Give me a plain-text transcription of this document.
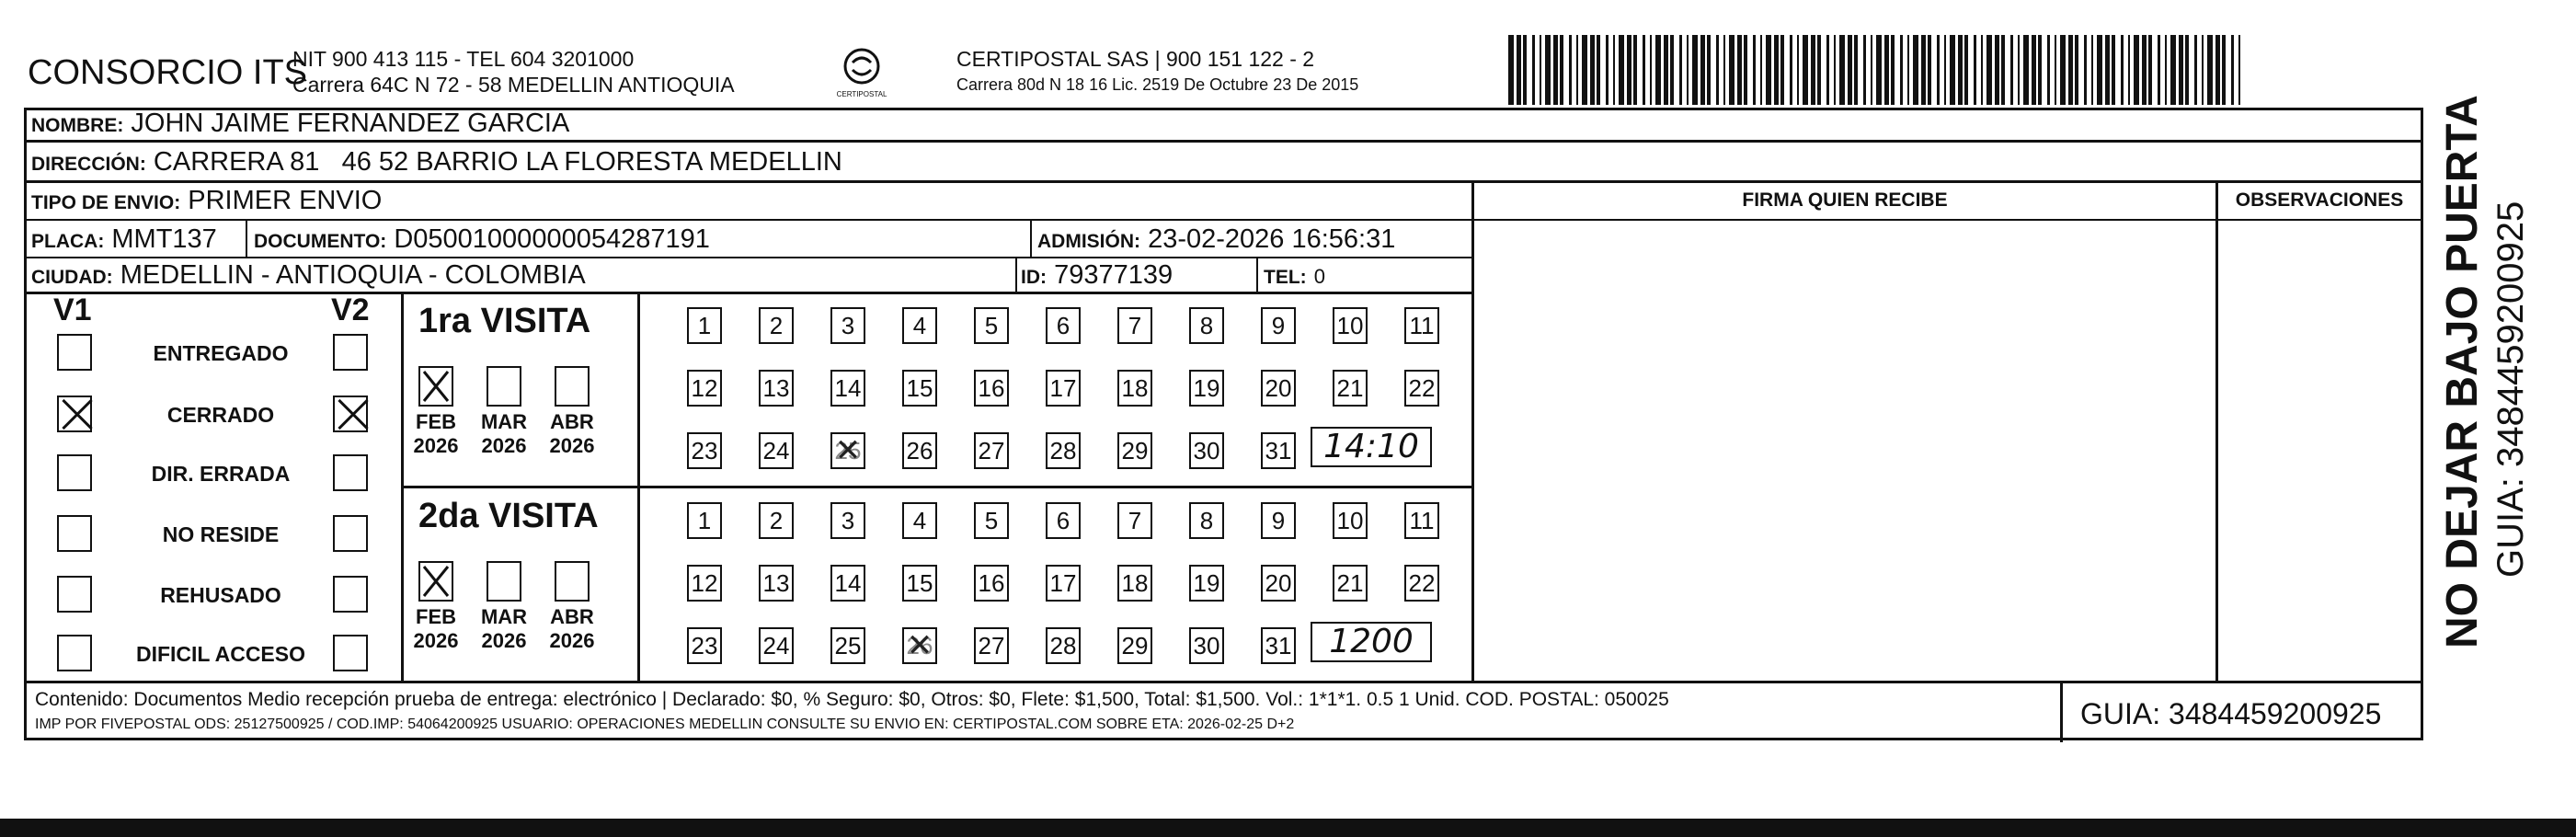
CONSORCIO ITS
NIT 900 413 115 - TEL 604 3201000
Carrera 64C N 72 - 58 MEDELLIN ANTIOQUIA	CERTIPOSTAL
CERTIPOSTAL SAS | 900 151 122 - 2
Carrera 80d N 18 16 Lic. 2519 De Octubre 23 De 2015
NOMBRE: JOHN JAIME FERNANDEZ GARCIA
DIRECCIÓN: CARRERA 81   46 52 BARRIO LA FLORESTA MEDELLIN
TIPO DE ENVIO: PRIMER ENVIO	FIRMA QUIEN RECIBE	OBSERVACIONES
PLACA: MMT137 DOCUMENTO: D05001000000054287191	ADMISIÓN: 23-02-2026 16:56:31
CIUDAD: MEDELLIN - ANTIOQUIA - COLOMBIA	ID: 79377139	TEL: 0
V1	V2
ENTREGADO
CERRADO
DIR. ERRADA
NO RESIDE
REHUSADO
DIFICIL ACCESO
1ra VISITA
FEB
2026
MAR
2026
ABR
2026
1	2	3	4	5	6	7	8	9	10 11
12 13 14 15 16 17 18 19 20 21 22
23 24 25 ✕ 26 27 28 29 30 31 14:10
2da VISITA
FEB
2026
MAR
2026
ABR
2026
1	2	3	4	5	6	7	8	9	10 11
12 13 14 15 16 17 18 19 20 21 22
23 24 25 26 ✕ 27 28 29 30 31	1200
Contenido: Documentos Medio recepción prueba de entrega: electrónico | Declarado: $0, % Seguro: $0, Otros: $0, Flete: $1,500, Total: $1,500. Vol.: 1*1*1. 0.5 1 Unid. COD. POSTAL: 050025
IMP POR FIVEPOSTAL ODS: 25127500925 / COD.IMP: 54064200925 USUARIO: OPERACIONES MEDELLIN CONSULTE SU ENVIO EN: CERTIPOSTAL.COM SOBRE ETA: 2026-02-25 D+2	GUIA: 3484459200925
NO DEJAR BAJO PUERTA GUIA: 3484459200925
